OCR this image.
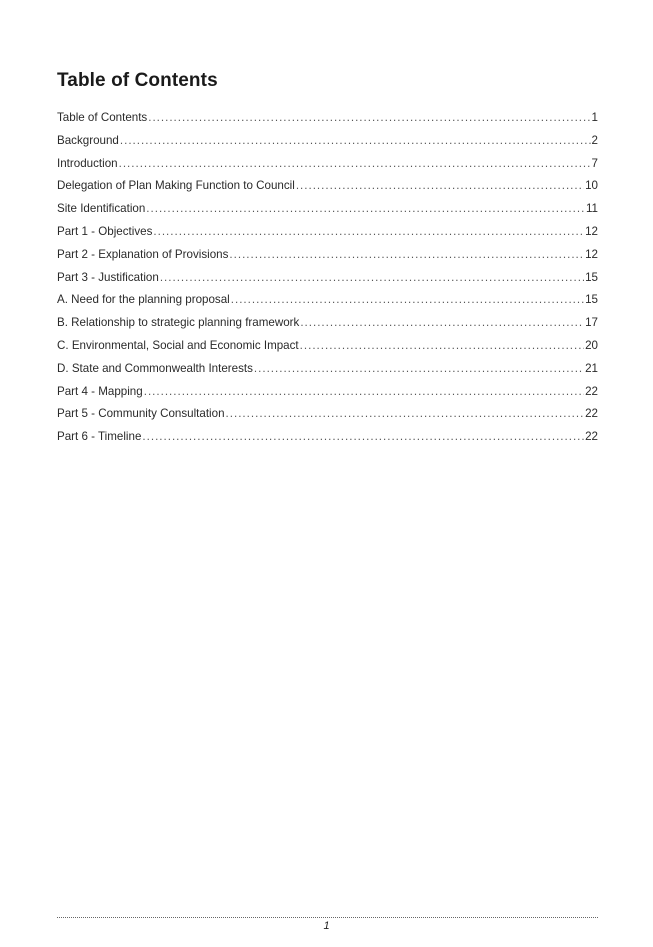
Table of Contents
Table of Contents .....	1
Background .....	2
Introduction .....	7
Delegation of Plan Making Function to Council .....	10
Site Identification .....	11
Part 1 - Objectives .....	12
Part 2 - Explanation of Provisions .....	12
Part 3 - Justification .....	15
A. Need for the planning proposal .....	15
B. Relationship to strategic planning framework .....	17
C. Environmental, Social and Economic Impact .....	20
D. State and Commonwealth Interests .....	21
Part 4 - Mapping .....	22
Part 5 - Community Consultation .....	22
Part 6 - Timeline .....	22
1
